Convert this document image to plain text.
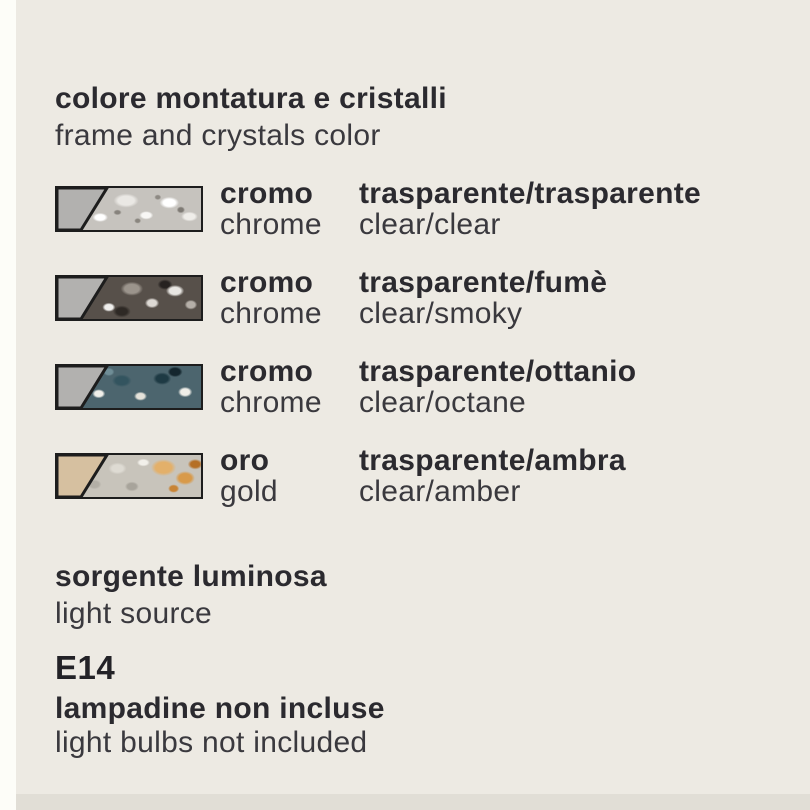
colore montatura e cristalli
frame and crystals color
cromo
chrome
trasparente/trasparente
clear/clear
cromo
chrome
trasparente/fumè
clear/smoky
cromo
chrome
trasparente/ottanio
clear/octane
oro
gold
trasparente/ambra
clear/amber
sorgente luminosa
light source
E14
lampadine non incluse
light bulbs not included
